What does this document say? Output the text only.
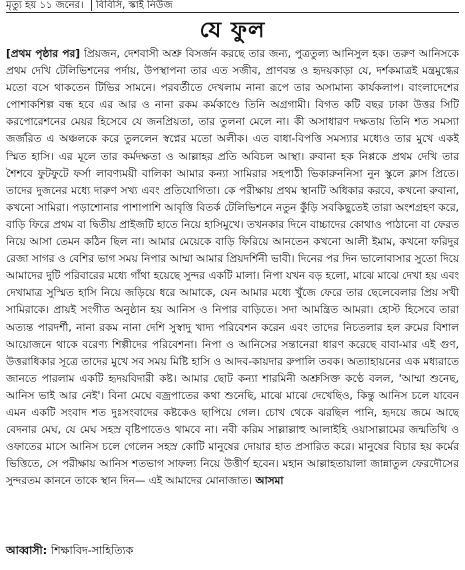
মৃত্যু হয় ১১ জনের। বিবিসি, স্কাই নিউজ
যে ফুল
[প্রথম পৃষ্ঠার পর] প্রিয়জন, দেশবাসী অশ্রু বিসর্জন করছে তার জন্য, পুত্রতুল্য আনিসুল হক। তরুণ আনিসকে প্রথম দেখি টেলিভিশনের পর্দায়, উপস্থাপনা তার এত সজীব, প্রাণবন্ত ও হৃদয়কাড়া যে, দর্শকমাত্রই মন্ত্রমুগ্ধের মতো বসে থাকতেন টিভির সামনে। পরবর্তীতে দেখলাম নানা রূপে তার অসামান্য কার্যকলাপ। বাংলাদেশের পোশাকশিল্প বন্ধ হবে এর আর ও নানা রকম কর্মকাণ্ডে তিনি অগ্রগামী। বিগত কটি বছর ঢাকা উত্তর সিটি করপোরেশনের মেয়র হিসেবে যে জনপ্রিয়তা, তার তুলনা মেলে না। কী অসাধারণ দক্ষতায় তিনি শত সমস্যা জর্জরিত এ অঞ্চলকে করে তুললেন স্বপ্নের মতো অলীক। এত বাধা-বিপত্তি সমস্যার মধ্যেও তার মুখে একই স্মিত হাসি। এর মূলে তার কর্মদক্ষতা ও আল্লাহর প্রতি অবিচল আস্থা। রুবানা হক নিপ্পকে প্রথম দেখি তার শৈশবে ফুটফুটে ফর্সা লাবণ্যময়ী বালিকা আমার কন্যা সামিরার সহপাঠী ভিকারুননিসা নুন স্কুলে ক্লাস প্রিতে। তাদের দুজনের মধ্যে দারুণ সখ্য এবং প্রতিযোগিতা। কে পরীক্ষায় প্রথম স্থানটি অধিকার করবে, কখনো রুবানা, কখনো সামিরা। পড়াশোনার পাশাপাশি আবৃত্তি বিতর্ক টেলিভিশনে নতুন কুঁড়ি সবকিছুতেই তারা অংশগ্রহণ করে, বাড়ি ফিরে প্রথম বা দ্বিতীয় প্রাইজটি হাতে নিয়ে হাসিমুখে। তখনকার দিনে বাচ্চাদের কোথাও পাঠানো বা ফেরত নিয়ে আসা তেমন কঠিন ছিল না। আমার মেয়েকে বাড়ি ফিরিয়ে আনতেন কখনো আলী ইমাম, কখনো ফরিদুর রেজা সাগর ও বেশির ভাগ সময় নিপার আম্মা আমার প্রিয়দর্শিনী ভাবী। দিনের পর দিন ভালোবাসার সুতো দিয়ে আমাদের দুটি পরিবারের মধ্যে গাঁথা হয়েছে সুন্দর একটি মালা। নিপা যখন বড় হলো, মাঝে মাঝে দেখা হয় এবং দেখামাত্র সুস্মিত হাসি নিয়ে জড়িয়ে ধরে আমাকে, যেন আমার মধ্যে খুঁজে ফেরে তার ছেলেবেলার প্রিয় সখী সামিরাকে। প্রায়ই সংগীত অনুষ্ঠান হয় আনিস ও নিপার বাড়িতে। সদা আমন্ত্রিত আমরা। হোস্ট হিসেবে তারা অত্যন্ত পারদর্শী, নানা রকম নানা দেশি সুস্বাদু খাদ্য পরিবেশন করেন এবং তাদের নিচতলার হল রুমের বিশাল আয়োজনে থাকে বরেণ্য শিল্পীদের পরিবেশনা। নিপা ও আনিসের সন্তানেরা ধারণ করেছে বাবা-মার এই গুণ, উত্তরাধিকার সূত্রে তাদের মুখে সব সময় মিষ্টি হাসি ও আদব-কায়দার রুপালি তবক। অত্যাহায়নের এক মধ্যরাতে জানতে পারলাম একটি হৃদয়বিদারী কষ্ট। আমার ছোট কন্যা শারমিনী অশ্রুসিক্ত কণ্ঠে বলল, 'আম্মা শুনেছ, আনিস ভাই আর নেই'। বিনা মেঘে বজ্রপাতের কথা শুনেছি, মাঝে মাঝে দেখেছিও, কিন্তু আনিস চলে যাবেন এমন একটি সংবাদ শত দুঃসংবাদের কষ্টকেও ছাপিয়ে গেল। চোখ থেকে ঝরছিল পানি, হৃদয়ে জমে আছে বেদনার মেঘ, যে মেঘ সহস্র বৃষ্টিপাতেও থামবে না। নবী করিম সাল্লাল্লাহু আলাইহি ওয়াসাল্লামের জন্মতিথি ও ওফাতের মাসে আনিস চলে গেলেন সহস্র কোটি মানুষের দোয়ার হাত প্রসারিত করে। মানুষের বিচার হয় কর্মের ভিত্তিতে, সে পরীক্ষায় আনিস শতভাগ সাফল্য নিয়ে উত্তীর্ণ হবেন। মহান আল্লাহতায়ালা জান্নাতুল ফেরদৌসের সুন্দরতম কাননে তাকে স্থান দিন— এই আমাদের মোনাজাত। আসমা
আব্বাসী: শিক্ষাবিদ-সাহিত্যিক
